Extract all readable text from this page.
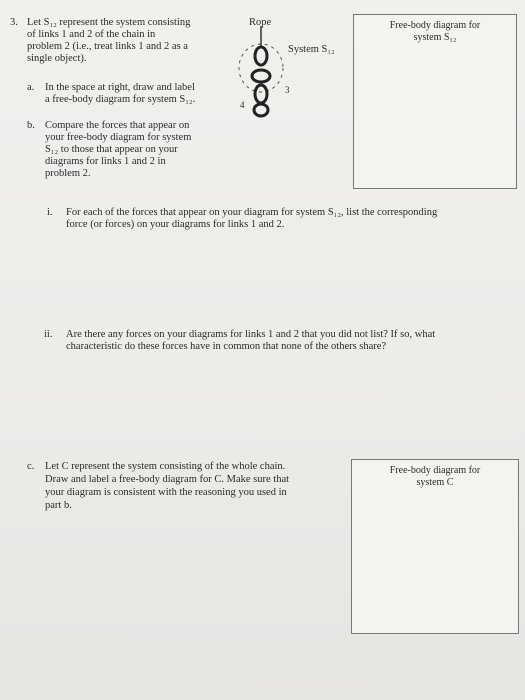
3. Let S₁₂ represent the system consisting
of links 1 and 2 of the chain in
problem 2 (i.e., treat links 1 and 2 as a
single object).
a. In the space at right, draw and label
a free-body diagram for system S₁₂.
b. Compare the forces that appear on
your free-body diagram for system
S₁₂ to those that appear on your
diagrams for links 1 and 2 in
problem 2.
Rope
System S₁₂
3
4
Free-body diagram for
system S₁₂
i. For each of the forces that appear on your diagram for system S₁₂, list the corresponding
force (or forces) on your diagrams for links 1 and 2.
ii. Are there any forces on your diagrams for links 1 and 2 that you did not list? If so, what
characteristic do these forces have in common that none of the others share?
c. Let C represent the system consisting of the whole chain.
Draw and label a free-body diagram for C. Make sure that
your diagram is consistent with the reasoning you used in
part b.
Free-body diagram for
system C
